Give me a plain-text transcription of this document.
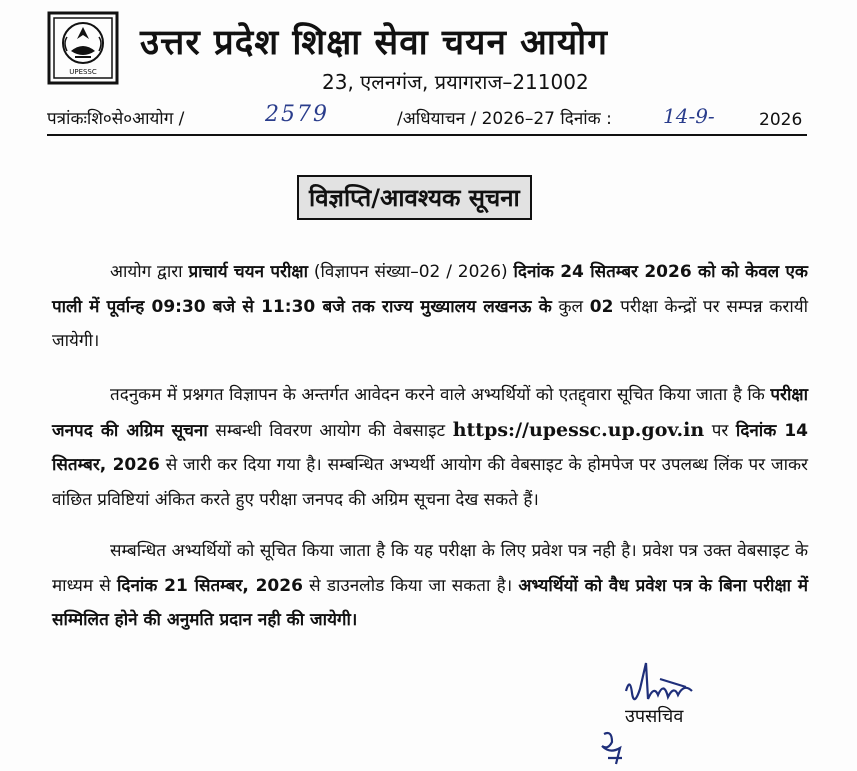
UPESSC
उत्तर प्रदेश शिक्षा सेवा चयन आयोग
23, एलनगंज, प्रयागराज–211002
पत्रांकःशि०से०आयोग /	2579	/अधियाचन / 2026–27 दिनांक :	14-9-	2026
विज्ञप्ति/आवश्यक सूचना

आयोग द्वारा प्राचार्य चयन परीक्षा (विज्ञापन संख्या–02 / 2026) दिनांक 24 सितम्बर 2026 को को केवल एक पाली में पूर्वान्ह 09:30 बजे से 11:30 बजे तक राज्य मुख्यालय लखनऊ के कुल 02 परीक्षा केन्द्रों पर सम्पन्न करायी जायेगी।

तदनुकम में प्रश्नगत विज्ञापन के अन्तर्गत आवेदन करने वाले अभ्यर्थियों को एतद्द्वारा सूचित किया जाता है कि परीक्षा जनपद की अग्रिम सूचना सम्बन्धी विवरण आयोग की वेबसाइट https://upessc.up.gov.in पर दिनांक 14 सितम्बर, 2026 से जारी कर दिया गया है। सम्बन्धित अभ्यर्थी आयोग की वेबसाइट के होमपेज पर उपलब्ध लिंक पर जाकर वांछित प्रविष्टियां अंकित करते हुए परीक्षा जनपद की अग्रिम सूचना देख सकते हैं।

सम्बन्धित अभ्यर्थियों को सूचित किया जाता है कि यह परीक्षा के लिए प्रवेश पत्र नही है। प्रवेश पत्र उक्त वेबसाइट के माध्यम से दिनांक 21 सितम्बर, 2026 से डाउनलोड किया जा सकता है। अभ्यर्थियों को वैध प्रवेश पत्र के बिना परीक्षा में सम्मिलित होने की अनुमति प्रदान नही की जायेगी।

उपसचिव
